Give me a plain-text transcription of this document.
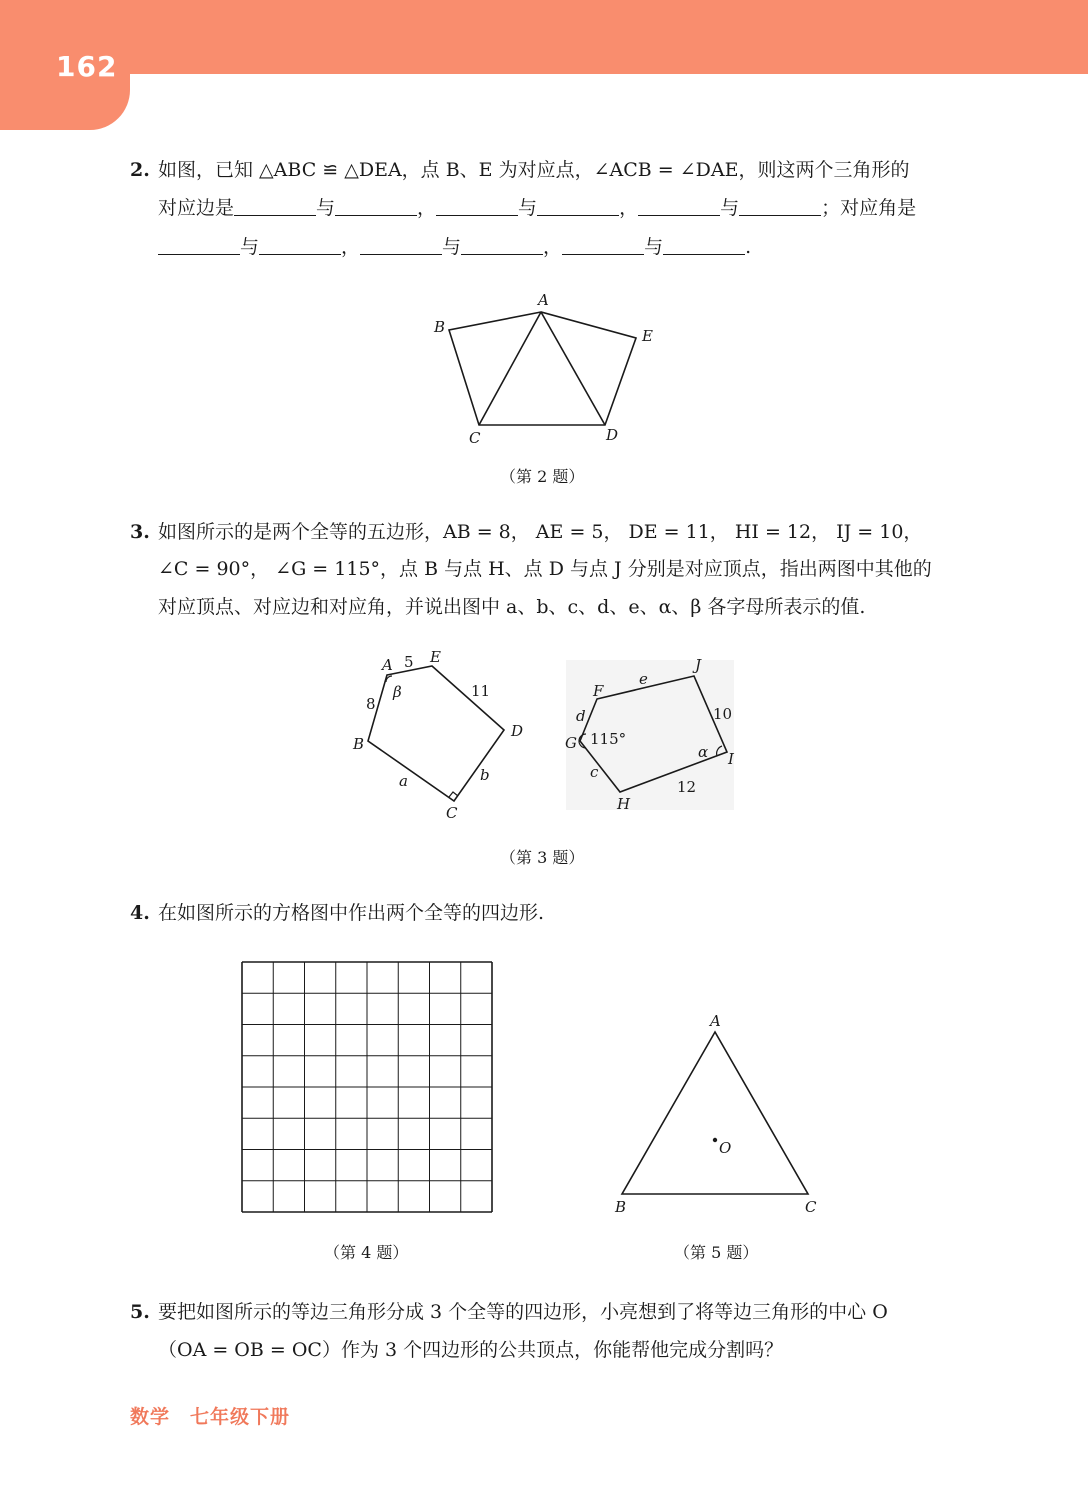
162
2. 如图，已知 △ABC ≌ △DEA，点 B、E 为对应点，∠ACB = ∠DAE，则这两个三角形的
对应边是	与	，	与	，	与	；对应角是
与	，	与	，	与	.
A
B
C	D
E
（第 2 题）
3. 如图所示的是两个全等的五边形，AB = 8， AE = 5， DE = 11， HI = 12， IJ = 10，
∠C = 90°， ∠G = 115°，点 B 与点 H、点 D 与点 J 分别是对应顶点，指出两图中其他的
对应顶点、对应边和对应角，并说出图中 a、b、c、d、e、α、β 各字母所表示的值.
A 5 E
8
β	11
D
B
a	b
C
F
e
J
d	10
G 115°
α I
c
12
H
（第 3 题）
4. 在如图所示的方格图中作出两个全等的四边形.
（第 4 题）
A
O
B	C
（第 5 题）
5. 要把如图所示的等边三角形分成 3 个全等的四边形，小亮想到了将等边三角形的中心 O
（OA = OB = OC）作为 3 个四边形的公共顶点，你能帮他完成分割吗？
数学　七年级下册
